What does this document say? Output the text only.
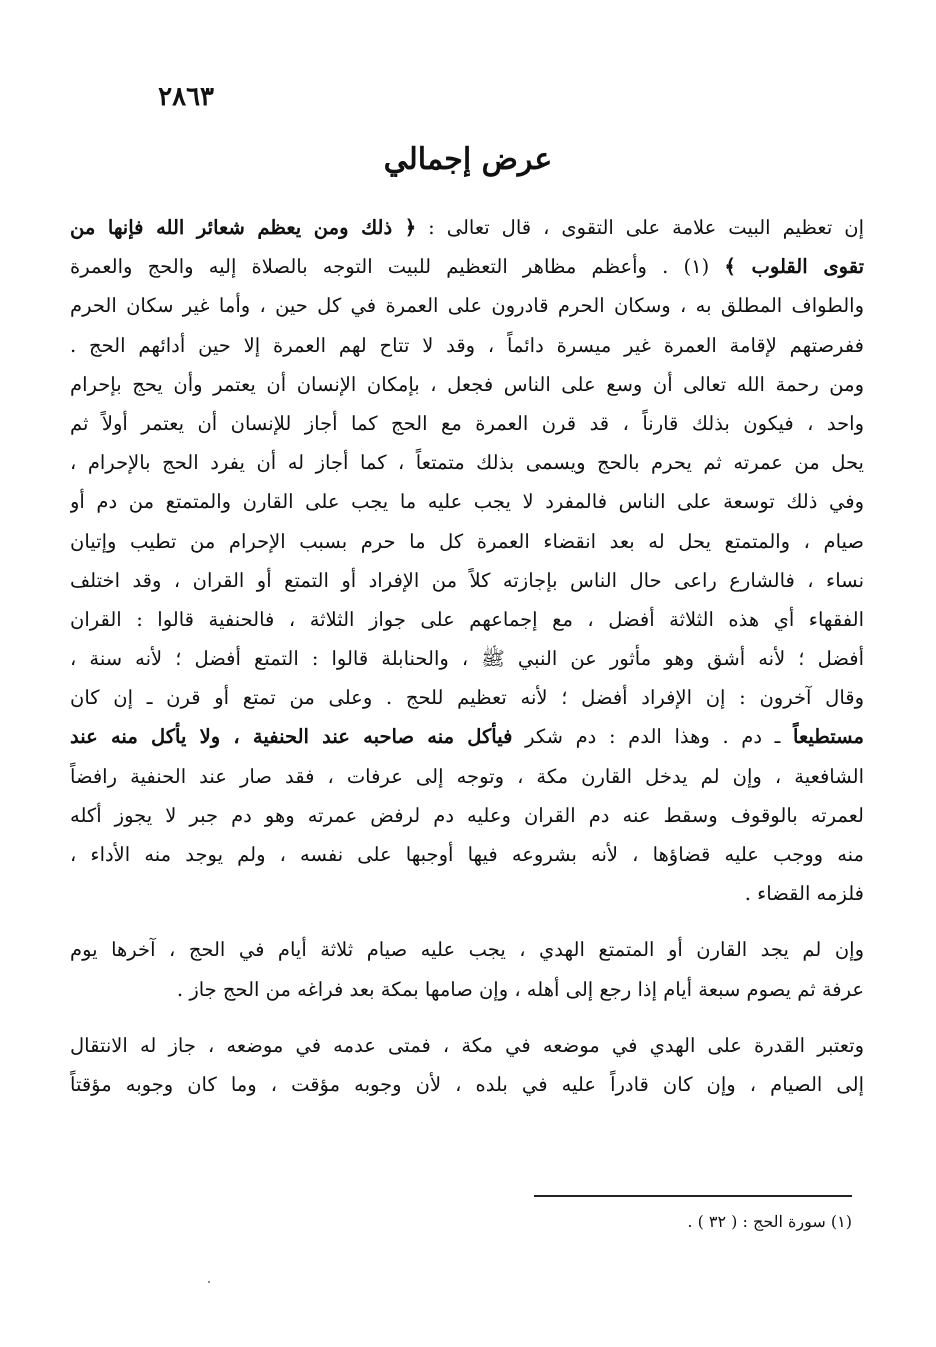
٢٨٦٣
عرض إجمالي
إن تعظيم البيت علامة على التقوى ، قال تعالى : ﴿ ذلك ومن يعظم شعائر الله فإنها من
تقوى القلوب ﴾ (١) . وأعظم مظاهر التعظيم للبيت التوجه بالصلاة إليه والحج والعمرة
والطواف المطلق به ، وسكان الحرم قادرون على العمرة في كل حين ، وأما غير سكان الحرم
ففرصتهم لإقامة العمرة غير ميسرة دائماً ، وقد لا تتاح لهم العمرة إلا حين أدائهم الحج .
ومن رحمة الله تعالى أن وسع على الناس فجعل ، بإمكان الإنسان أن يعتمر وأن يحج بإحرام
واحد ، فيكون بذلك قارناً ، قد قرن العمرة مع الحج كما أجاز للإنسان أن يعتمر أولاً ثم
يحل من عمرته ثم يحرم بالحج ويسمى بذلك متمتعاً ، كما أجاز له أن يفرد الحج بالإحرام ،
وفي ذلك توسعة على الناس فالمفرد لا يجب عليه ما يجب على القارن والمتمتع من دم أو
صيام ، والمتمتع يحل له بعد انقضاء العمرة كل ما حرم بسبب الإحرام من تطيب وإتيان
نساء ، فالشارع راعى حال الناس بإجازته كلاً من الإفراد أو التمتع أو القران ، وقد اختلف
الفقهاء أي هذه الثلاثة أفضل ، مع إجماعهم على جواز الثلاثة ، فالحنفية قالوا : القران
أفضل ؛ لأنه أشق وهو مأثور عن النبي ﷺ ، والحنابلة قالوا : التمتع أفضل ؛ لأنه سنة ،
وقال آخرون : إن الإفراد أفضل ؛ لأنه تعظيم للحج . وعلى من تمتع أو قرن ـ إن كان
مستطيعاً ـ دم . وهذا الدم : دم شكر فيأكل منه صاحبه عند الحنفية ، ولا يأكل منه عند
الشافعية ، وإن لم يدخل القارن مكة ، وتوجه إلى عرفات ، فقد صار عند الحنفية رافضاً
لعمرته بالوقوف وسقط عنه دم القران وعليه دم لرفض عمرته وهو دم جبر لا يجوز أكله
منه ووجب عليه قضاؤها ، لأنه بشروعه فيها أوجبها على نفسه ، ولم يوجد منه الأداء ،
فلزمه القضاء .
وإن لم يجد القارن أو المتمتع الهدي ، يجب عليه صيام ثلاثة أيام في الحج ، آخرها يوم
عرفة ثم يصوم سبعة أيام إذا رجع إلى أهله ، وإن صامها بمكة بعد فراغه من الحج جاز .
وتعتبر القدرة على الهدي في موضعه في مكة ، فمتى عدمه في موضعه ، جاز له الانتقال
إلى الصيام ، وإن كان قادراً عليه في بلده ، لأن وجوبه مؤقت ، وما كان وجوبه مؤقتاً
(١) سورة الحج : ( ٣٢ ) .
